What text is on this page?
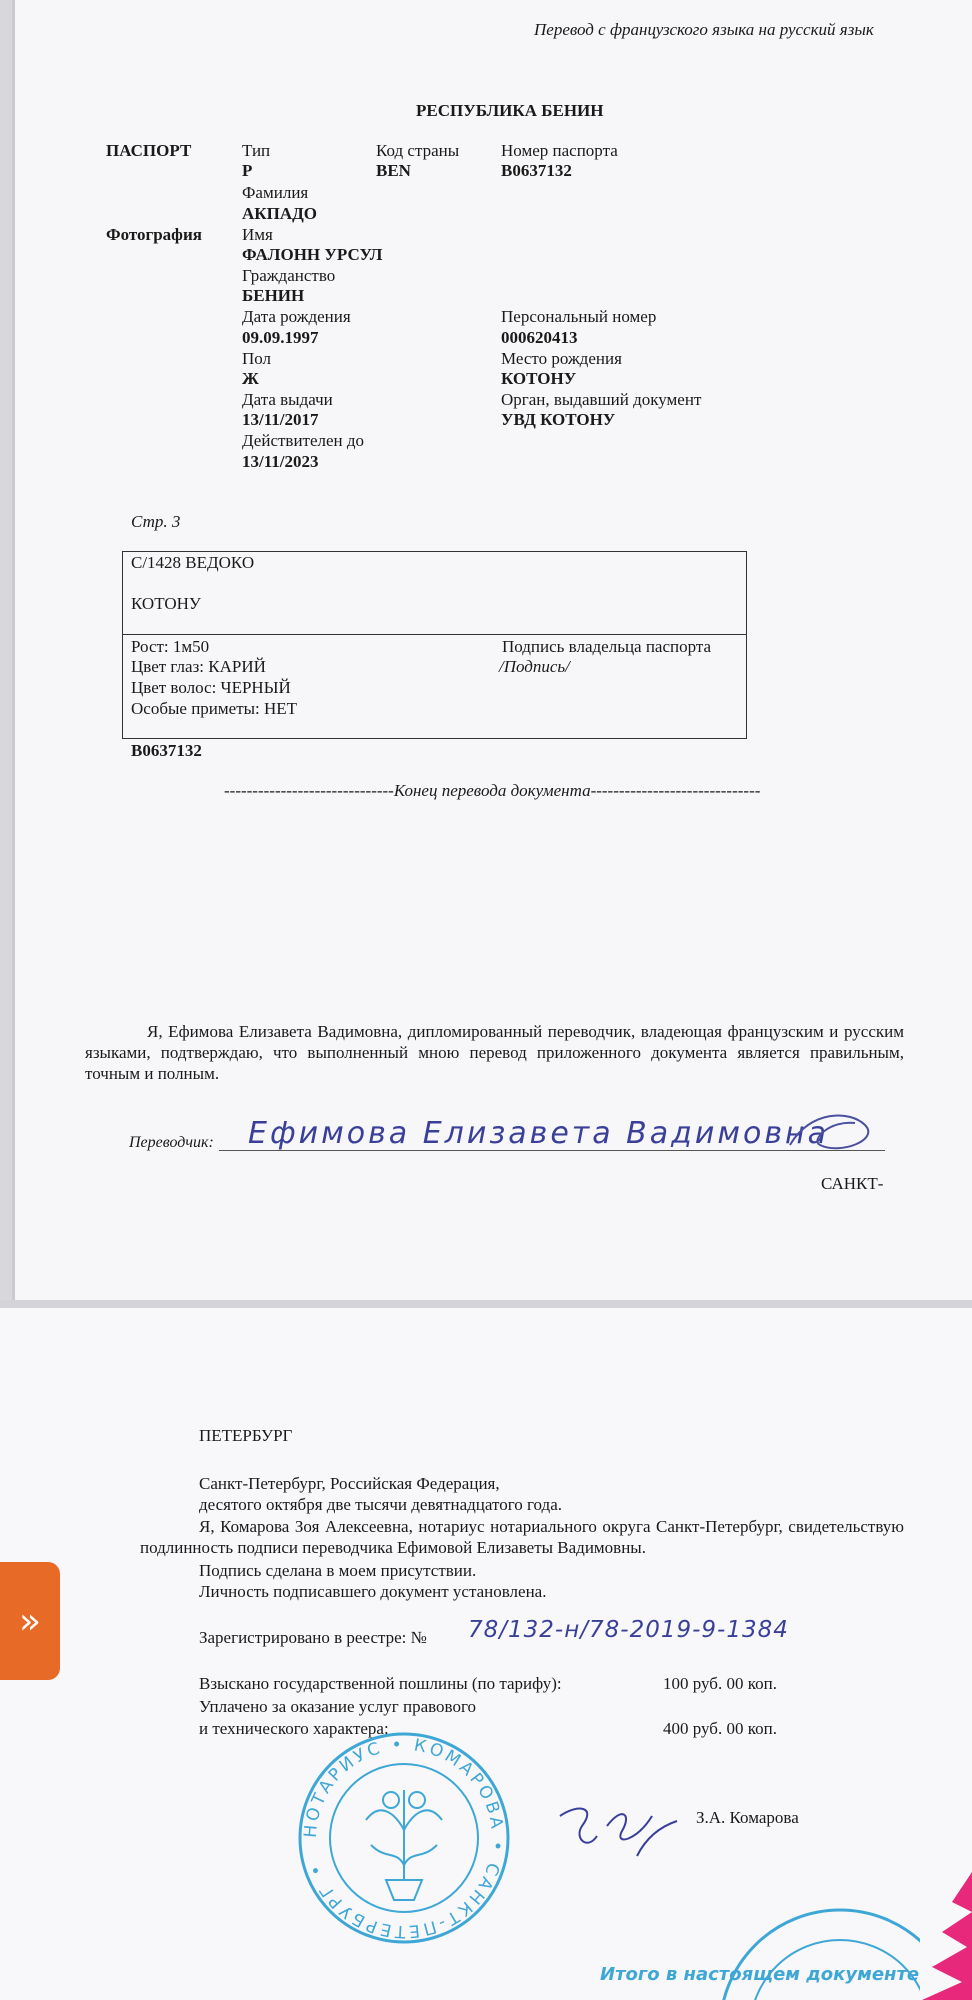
Перевод с французского языка на русский язык
РЕСПУБЛИКА БЕНИН
ПАСПОРТ
Фотография
Тип
P
Фамилия
АКПАДО
Имя
ФАЛОНН УРСУЛ
Гражданство
БЕНИН
Дата рождения
09.09.1997
Пол
Ж
Дата выдачи
13/11/2017
Действителен до
13/11/2023
Код страны
BEN
Номер паспорта
B0637132
Персональный номер
000620413
Место рождения
КОТОНУ
Орган, выдавший документ
УВД КОТОНУ
Стр. 3
C/1428 ВЕДОКО
КОТОНУ
Рост: 1м50
Цвет глаз: КАРИЙ
Цвет волос: ЧЕРНЫЙ
Особые приметы: НЕТ
Подпись владельца паспорта
/Подпись/
B0637132
------------------------------Конец перевода документа------------------------------
Я, Ефимова Елизавета Вадимовна, дипломированный переводчик, владеющая французским и русским языками, подтверждаю, что выполненный мною перевод приложенного документа является правильным, точным и полным.
Переводчик: Ефимова Елизавета Вадимовна
САНКТ-
ПЕТЕРБУРГ
Санкт-Петербург, Российская Федерация,
десятого октября две тысячи девятнадцатого года.
Я, Комарова Зоя Алексеевна, нотариус нотариального округа Санкт-Петербург, свидетельствую подлинность подписи переводчика Ефимовой Елизаветы Вадимовны.
Подпись сделана в моем присутствии.
Личность подписавшего документ установлена.
Зарегистрировано в реестре: № 78/132-н/78-2019-9-1384
Взыскано государственной пошлины (по тарифу):	100 руб. 00 коп.
Уплачено за оказание услуг правового
и технического характера:	400 руб. 00 коп.
НОТАРИУС • КОМАРОВА • САНКТ-ПЕТЕРБУРГ •
З.А. Комарова
Итого в настоящем документе
»
